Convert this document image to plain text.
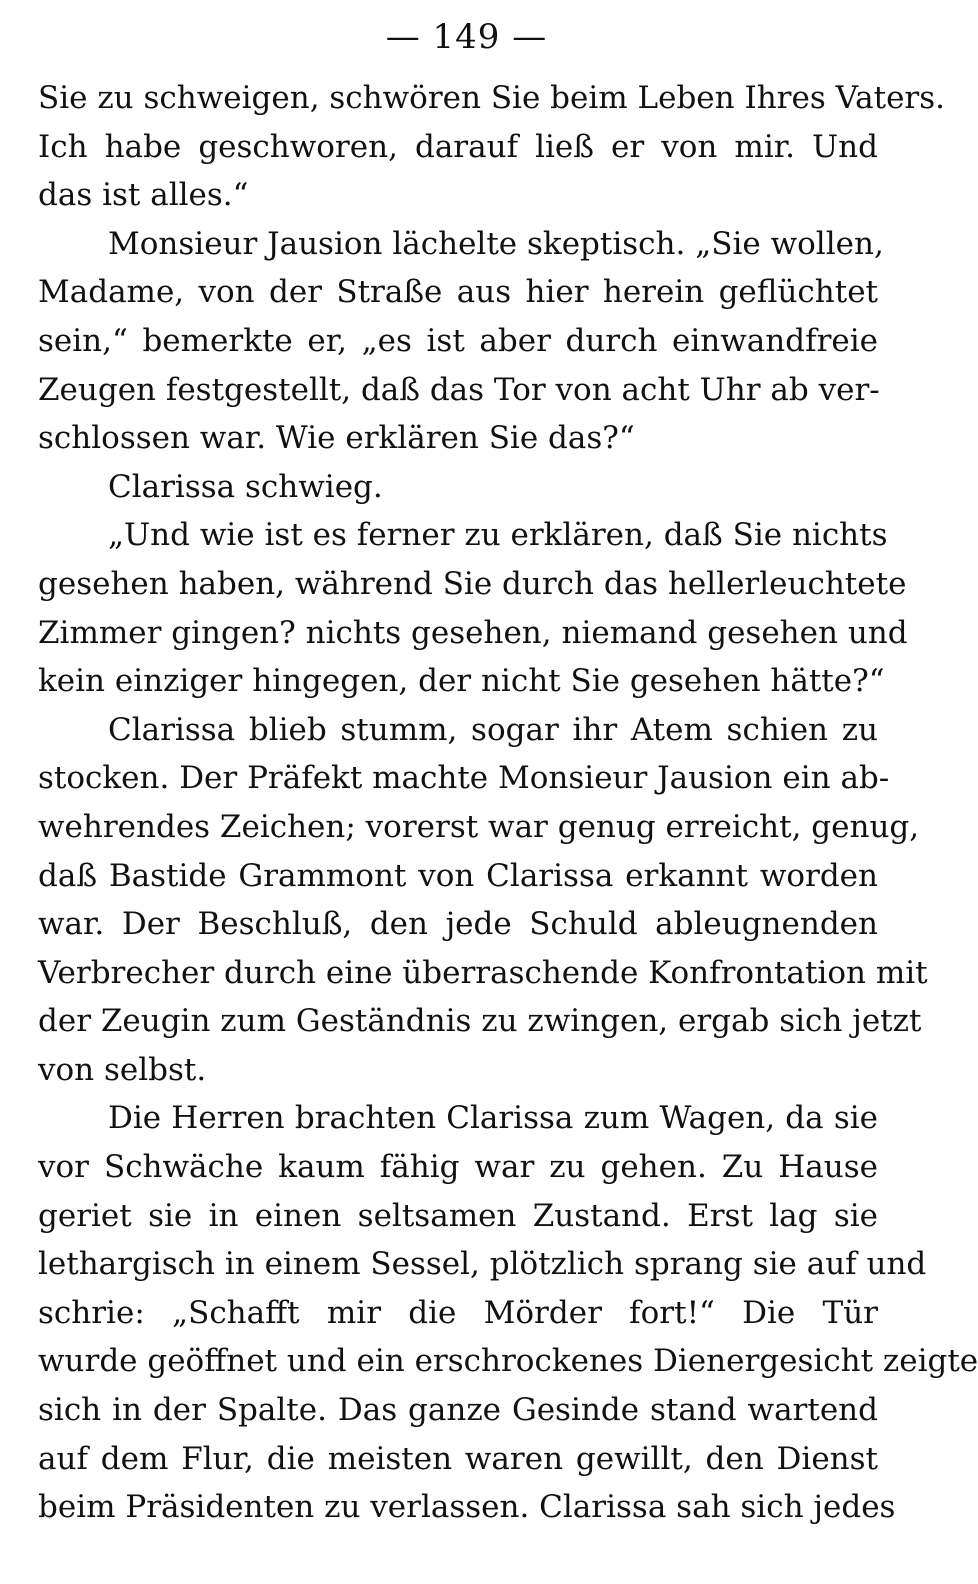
— 149 —
Sie zu schweigen, schwören Sie beim Leben Ihres Vaters.
Ich habe geschworen, darauf ließ er von mir. Und
das ist alles.“
Monsieur Jausion lächelte skeptisch. „Sie wollen,
Madame, von der Straße aus hier herein geflüchtet
sein,“ bemerkte er, „es ist aber durch einwandfreie
Zeugen festgestellt, daß das Tor von acht Uhr ab ver-
schlossen war. Wie erklären Sie das?“
Clarissa schwieg.
„Und wie ist es ferner zu erklären, daß Sie nichts
gesehen haben, während Sie durch das hellerleuchtete
Zimmer gingen? nichts gesehen, niemand gesehen und
kein einziger hingegen, der nicht Sie gesehen hätte?“
Clarissa blieb stumm, sogar ihr Atem schien zu
stocken. Der Präfekt machte Monsieur Jausion ein ab-
wehrendes Zeichen; vorerst war genug erreicht, genug,
daß Bastide Grammont von Clarissa erkannt worden
war. Der Beschluß, den jede Schuld ableugnenden
Verbrecher durch eine überraschende Konfrontation mit
der Zeugin zum Geständnis zu zwingen, ergab sich jetzt
von selbst.
Die Herren brachten Clarissa zum Wagen, da sie
vor Schwäche kaum fähig war zu gehen. Zu Hause
geriet sie in einen seltsamen Zustand. Erst lag sie
lethargisch in einem Sessel, plötzlich sprang sie auf und
schrie: „Schafft mir die Mörder fort!“ Die Tür
wurde geöffnet und ein erschrockenes Dienergesicht zeigte
sich in der Spalte. Das ganze Gesinde stand wartend
auf dem Flur, die meisten waren gewillt, den Dienst
beim Präsidenten zu verlassen. Clarissa sah sich jedes
